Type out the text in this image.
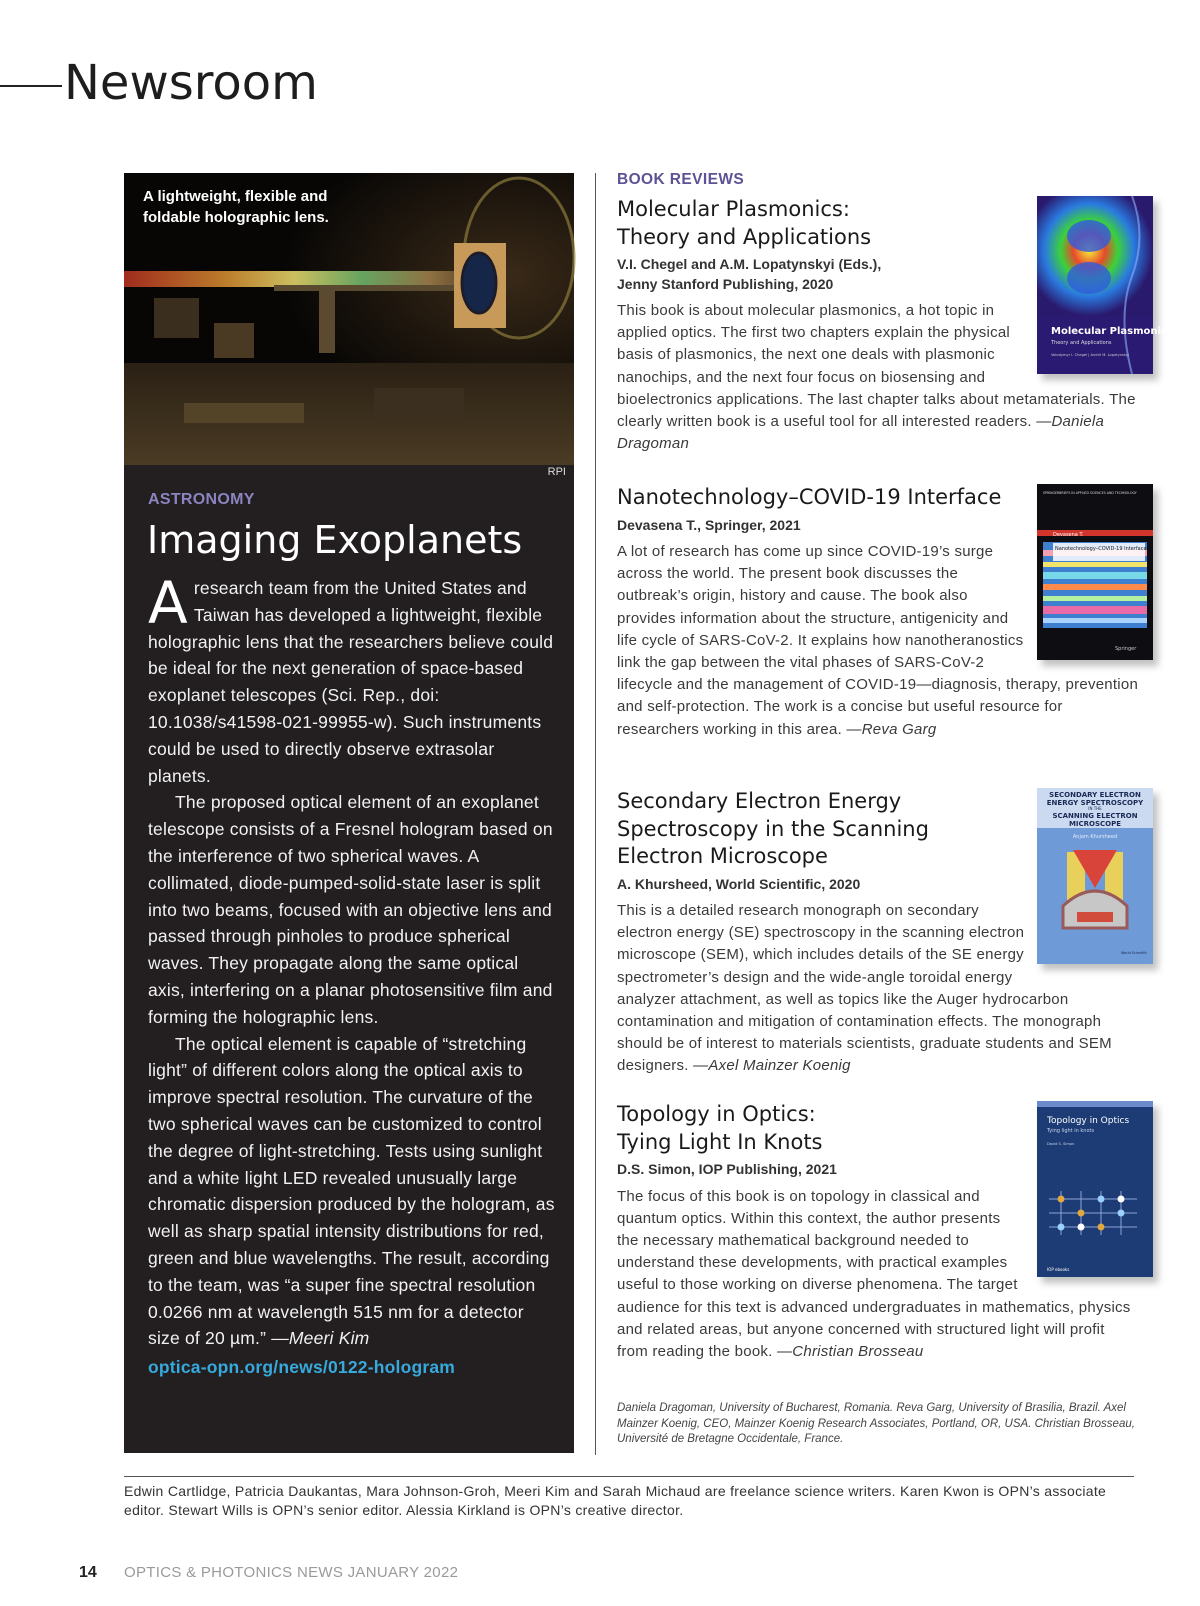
Newsroom
A lightweight, flexible and foldable holographic lens.
RPI
ASTRONOMY
Imaging Exoplanets

Aresearch team from the United States and Taiwan has developed a lightweight, flexible holographic lens that the researchers believe could be ideal for the next generation of space-based exoplanet telescopes (Sci. Rep., doi: 10.1038/s41598-021-99955-w). Such instruments could be used to directly observe extrasolar planets.

The proposed optical element of an exoplanet telescope consists of a Fresnel hologram based on the interference of two spherical waves. A collimated, diode-pumped-solid-state laser is split into two beams, focused with an objective lens and passed through pinholes to produce spherical waves. They propagate along the same optical axis, interfering on a planar photosensitive film and forming the holographic lens.

The optical element is capable of “stretching light” of different colors along the optical axis to improve spectral resolution. The curvature of the two spherical waves can be customized to control the degree of light-stretching. Tests using sunlight and a white light LED revealed unusually large chromatic dispersion produced by the hologram, as well as sharp spatial intensity distributions for red, green and blue wavelengths. The result, according to the team, was “a super fine spectral resolution 0.0266 nm at wavelength 515 nm for a detector size of 20 µm.” —Meeri Kim

optica-opn.org/news/0122-hologram
BOOK REVIEWS
Molecular Plasmonics
Theory and Applications
Volodymyr I. Chegel | Andrii M. Lopatynskyi
Molecular Plasmonics:
Theory and Applications
V.I. Chegel and A.M. Lopatynskyi (Eds.),
Jenny Stanford Publishing, 2020
This book is about molecular plasmonics, a hot topic in applied optics. The first two chapters explain the physical basis of plasmonics, the next one deals with plasmonic nanochips, and the next four focus on biosensing and bioelectronics applications. The last chapter talks about metamaterials. The clearly written book is a useful tool for all interested readers. —Daniela Dragoman
SPRINGERBRIEFS IN APPLIED SCIENCES AND TECHNOLOGY
Devasena T.
Nanotechnology–COVID-19 Interface
Springer
Nanotechnology–COVID-19 Interface
Devasena T., Springer, 2021
A lot of research has come up since COVID-19’s surge across the world. The present book discusses the outbreak’s origin, history and cause. The book also provides information about the structure, antigenicity and life cycle of SARS-CoV-2. It explains how nanotheranostics link the gap between the vital phases of SARS-CoV-2 lifecycle and the management of COVID-19—diagnosis, therapy, prevention and self-protection. The work is a concise but useful resource for researchers working in this area. —Reva Garg
SECONDARY ELECTRON
ENERGY SPECTROSCOPY
IN THE
SCANNING ELECTRON
MICROSCOPE
Anjam Khursheed
World Scientific
Secondary Electron Energy
Spectroscopy in the Scanning
Electron Microscope
A. Khursheed, World Scientific, 2020
This is a detailed research monograph on secondary electron energy (SE) spectroscopy in the scanning electron microscope (SEM), which includes details of the SE energy spectrometer’s design and the wide-angle toroidal energy analyzer attachment, as well as topics like the Auger hydrocarbon contamination and mitigation of contamination effects. The monograph should be of interest to materials scientists, graduate students and SEM designers. —Axel Mainzer Koenig
Topology in Optics
Tying light in knots
David S. Simon
IOP ebooks
Topology in Optics:
Tying Light In Knots
D.S. Simon, IOP Publishing, 2021
The focus of this book is on topology in classical and quantum optics. Within this context, the author presents the necessary mathematical background needed to understand these developments, with practical examples useful to those working on diverse phenomena. The target audience for this text is advanced undergraduates in mathematics, physics and related areas, but anyone concerned with structured light will profit from reading the book. —Christian Brosseau
Daniela Dragoman, University of Bucharest, Romania. Reva Garg, University of Brasilia, Brazil. Axel Mainzer Koenig, CEO, Mainzer Koenig Research Associates, Portland, OR, USA. Christian Brosseau, Université de Bretagne Occidentale, France.
Edwin Cartlidge, Patricia Daukantas, Mara Johnson-Groh, Meeri Kim and Sarah Michaud are freelance science writers. Karen Kwon is OPN’s associate editor. Stewart Wills is OPN’s senior editor. Alessia Kirkland is OPN’s creative director.
14 OPTICS & PHOTONICS NEWS JANUARY 2022
